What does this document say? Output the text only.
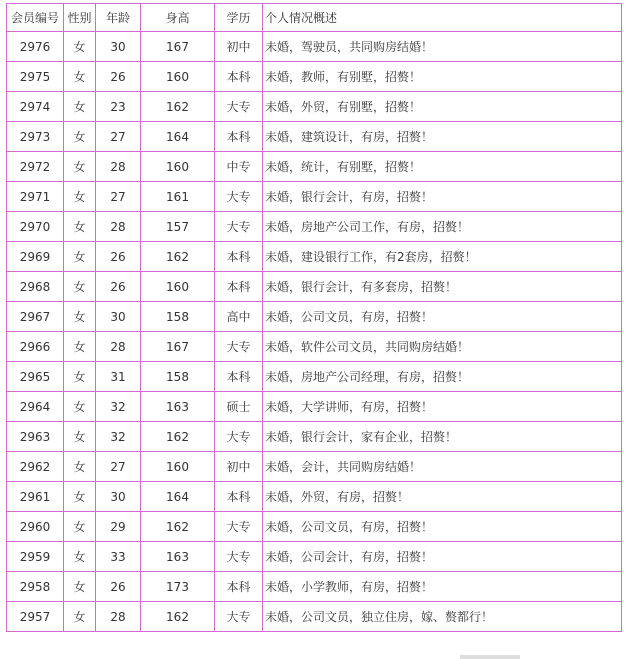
会员编号	性别	年龄	身高	学历	个人情况概述
2976	女	30	167	初中	未婚，驾驶员，共同购房结婚！
2975	女	26	160	本科	未婚，教师，有别墅，招赘！
2974	女	23	162	大专	未婚，外贸，有别墅，招赘！
2973	女	27	164	本科	未婚，建筑设计，有房，招赘！
2972	女	28	160	中专	未婚，统计，有别墅，招赘！
2971	女	27	161	大专	未婚，银行会计，有房，招赘！
2970	女	28	157	大专	未婚，房地产公司工作，有房，招赘！
2969	女	26	162	本科	未婚，建设银行工作，有2套房，招赘！
2968	女	26	160	本科	未婚，银行会计，有多套房，招赘！
2967	女	30	158	高中	未婚，公司文员，有房，招赘！
2966	女	28	167	大专	未婚，软件公司文员，共同购房结婚！
2965	女	31	158	本科	未婚，房地产公司经理，有房，招赘！
2964	女	32	163	硕士	未婚，大学讲师，有房，招赘！
2963	女	32	162	大专	未婚，银行会计，家有企业，招赘！
2962	女	27	160	初中	未婚，会计，共同购房结婚！
2961	女	30	164	本科	未婚，外贸，有房，招赘！
2960	女	29	162	大专	未婚，公司文员，有房，招赘！
2959	女	33	163	大专	未婚，公司会计，有房，招赘！
2958	女	26	173	本科	未婚，小学教师，有房，招赘！
2957	女	28	162	大专	未婚，公司文员，独立住房，嫁、赘都行！
